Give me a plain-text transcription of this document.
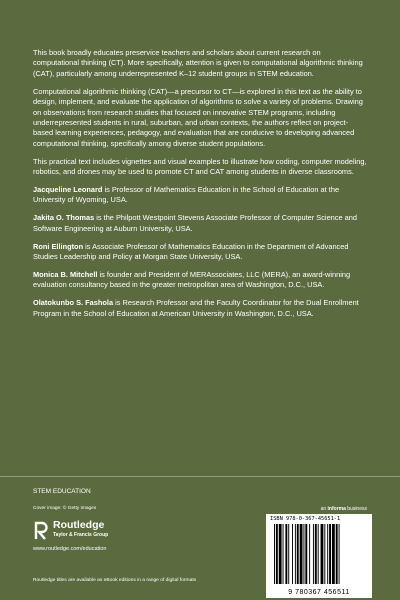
This book broadly educates preservice teachers and scholars about current research on computational thinking (CT). More specifically, attention is given to computational algorithmic thinking (CAT), particularly among underrepresented K–12 student groups in STEM education.

Computational algorithmic thinking (CAT)—a precursor to CT—is explored in this text as the ability to design, implement, and evaluate the application of algorithms to solve a variety of problems. Drawing on observations from research studies that focused on innovative STEM programs, including underrepresented students in rural, suburban, and urban contexts, the authors reflect on project-based learning experiences, pedagogy, and evaluation that are conducive to developing advanced computational thinking, specifically among diverse student populations.

This practical text includes vignettes and visual examples to illustrate how coding, computer modeling, robotics, and drones may be used to promote CT and CAT among students in diverse classrooms.

Jacqueline Leonard is Professor of Mathematics Education in the School of Education at the University of Wyoming, USA.

Jakita O. Thomas is the Philpott Westpoint Stevens Associate Professor of Computer Science and Software Engineering at Auburn University, USA.

Roni Ellington is Associate Professor of Mathematics Education in the Department of Advanced Studies Leadership and Policy at Morgan State University, USA.

Monica B. Mitchell is founder and President of MERAssociates, LLC (MERA), an award-winning evaluation consultancy based in the greater metropolitan area of Washington, D.C., USA.

Olatokunbo S. Fashola is Research Professor and the Faculty Coordinator for the Dual Enrollment Program in the School of Education at American University in Washington, D.C., USA.

STEM EDUCATION
Cover image: © Getty Images	an informa business
Routledge
Taylor & Francis Group
www.routledge.com/education
Routledge titles are available as eBook editions in a range of digital formats
ISBN 978-0-367-45651-1
9 780367 456511
